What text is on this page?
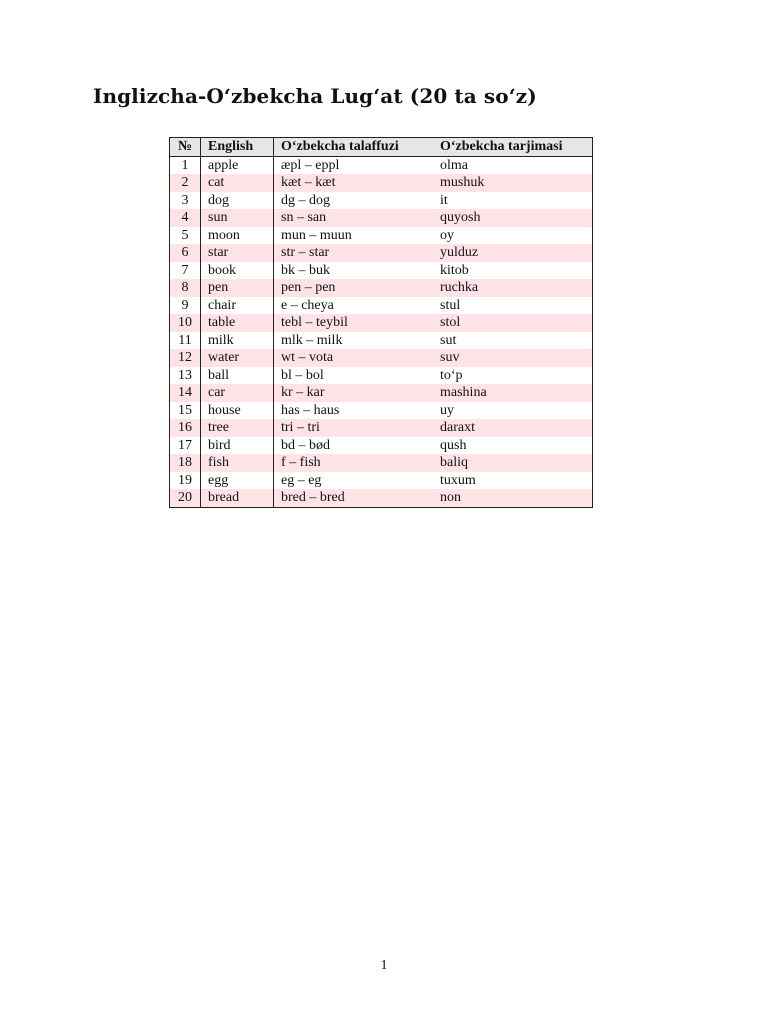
Inglizcha-O‘zbekcha Lug‘at (20 ta so‘z)
№	English	O‘zbekcha talaffuzi	O‘zbekcha tarjimasi
1	apple	æpl – eppl	olma
2	cat	kæt – kæt	mushuk
3	dog	dg – dog	it
4	sun	sn – san	quyosh
5	moon	mun – muun	oy
6	star	str – star	yulduz
7	book	bk – buk	kitob
8	pen	pen – pen	ruchka
9	chair	e – cheya	stul
10	table	tebl – teybil	stol
11	milk	mlk – milk	sut
12	water	wt – vota	suv
13	ball	bl – bol	to‘p
14	car	kr – kar	mashina
15	house	has – haus	uy
16	tree	tri – tri	daraxt
17	bird	bd – bød	qush
18	fish	f – fish	baliq
19	egg	eg – eg	tuxum
20	bread	bred – bred	non
1
